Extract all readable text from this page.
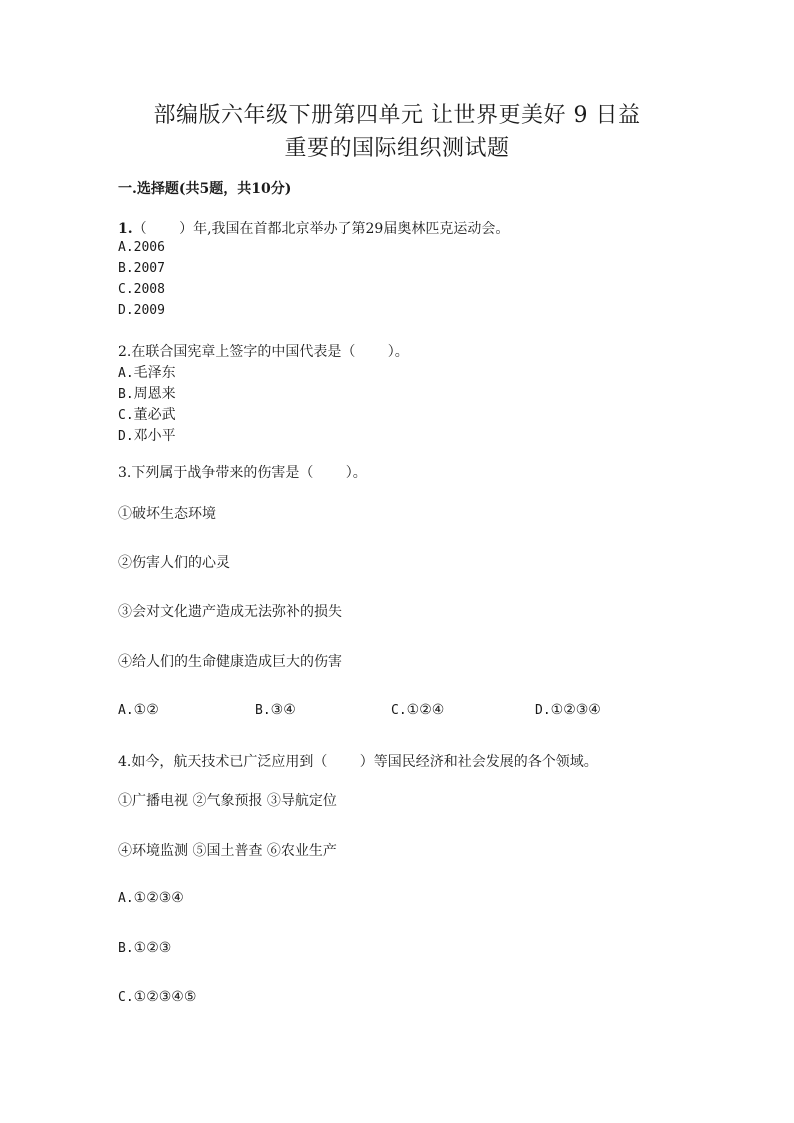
部编版六年级下册第四单元 让世界更美好 9 日益
重要的国际组织测试题
一.选择题(共5题，共10分)
1.（　　 ）年,我国在首都北京举办了第29届奥林匹克运动会。
A.2006
B.2007
C.2008
D.2009
2.在联合国宪章上签字的中国代表是（　　 ）。
A.毛泽东
B.周恩来
C.董必武
D.邓小平
3.下列属于战争带来的伤害是（　　 ）。
①破坏生态环境
②伤害人们的心灵
③会对文化遗产造成无法弥补的损失
④给人们的生命健康造成巨大的伤害
A.①②	B.③④	C.①②④	D.①②③④
4.如今，航天技术已广泛应用到（　　 ）等国民经济和社会发展的各个领域。
①广播电视 ②气象预报 ③导航定位
④环境监测 ⑤国土普查 ⑥农业生产
A.①②③④
B.①②③
C.①②③④⑤
